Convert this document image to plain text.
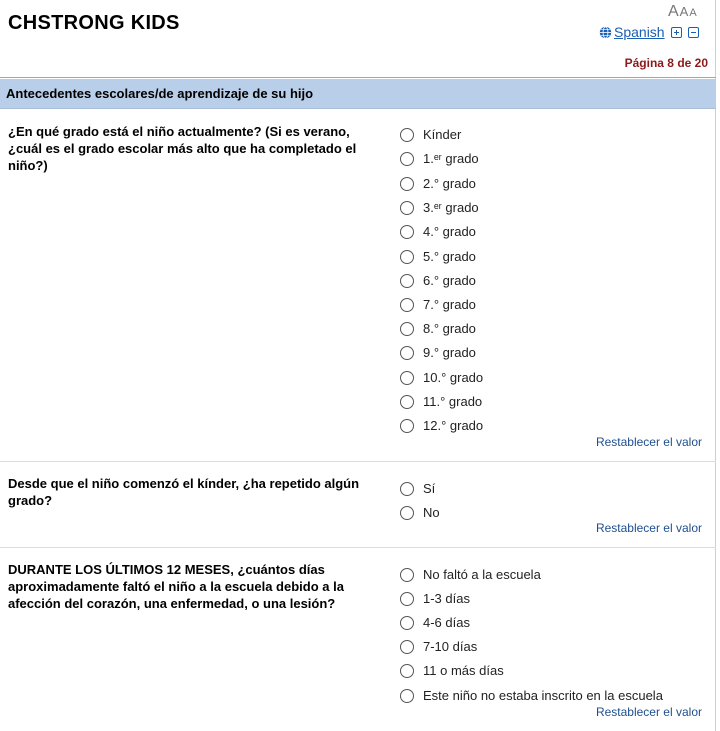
CHSTRONG KIDS
AAA
Spanish
Página 8 de 20
Antecedentes escolares/de aprendizaje de su hijo
¿En qué grado está el niño actualmente? (Si es verano, ¿cuál es el grado escolar más alto que ha completado el niño?)
Kínder
1.ᵉʳ grado
2.° grado
3.ᵉʳ grado
4.° grado
5.° grado
6.° grado
7.° grado
8.° grado
9.° grado
10.° grado
11.° grado
12.° grado
Restablecer el valor
Desde que el niño comenzó el kínder, ¿ha repetido algún grado?
Sí
No
Restablecer el valor
DURANTE LOS ÚLTIMOS 12 MESES, ¿cuántos días aproximadamente faltó el niño a la escuela debido a la afección del corazón, una enfermedad, o una lesión?
No faltó a la escuela
1-3 días
4-6 días
7-10 días
11 o más días
Este niño no estaba inscrito en la escuela
Restablecer el valor
